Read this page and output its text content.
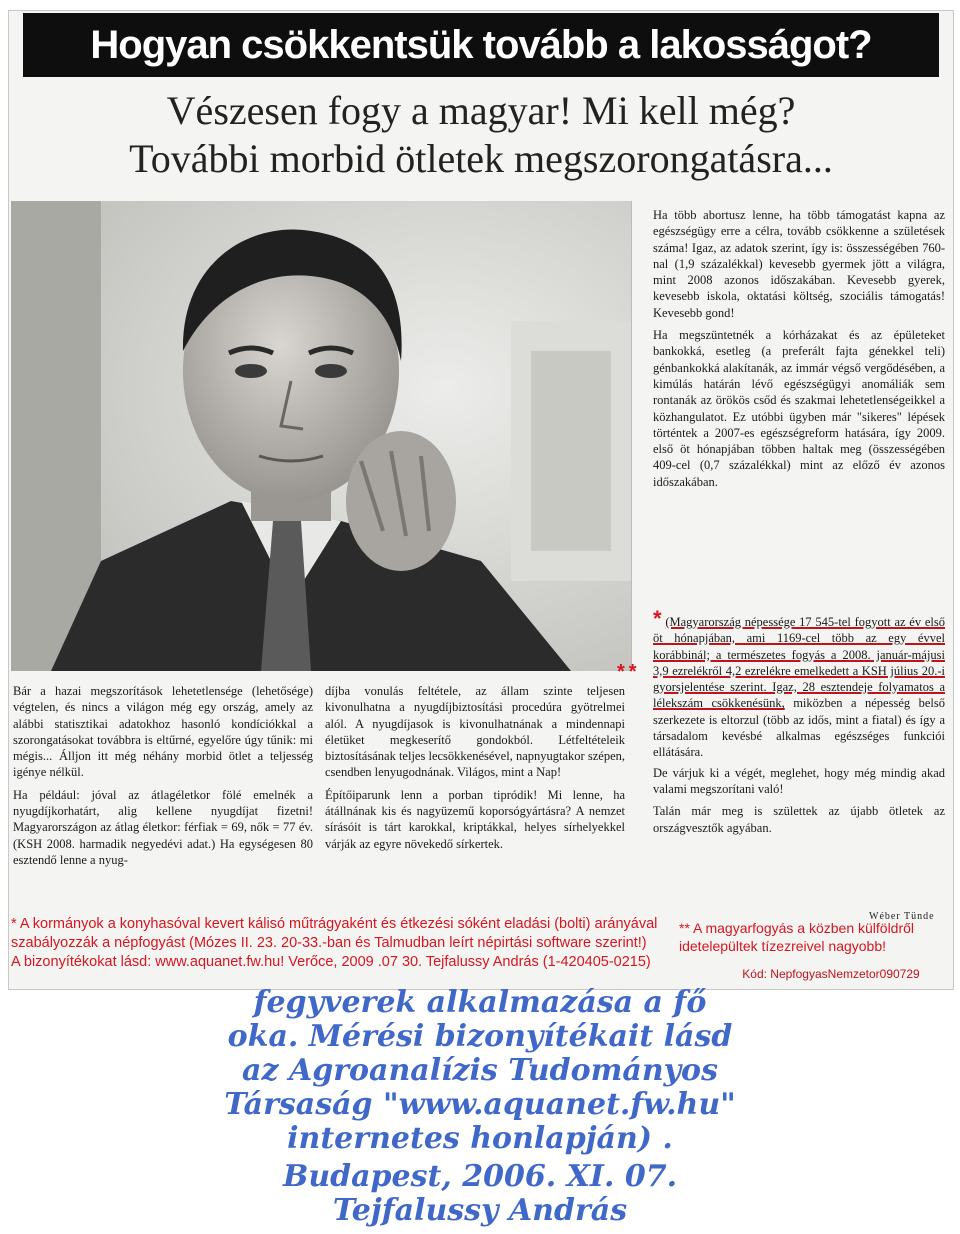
Hogyan csökkentsük tovább a lakosságot?
Vészesen fogy a magyar! Mi kell még?
További morbid ötletek megszorongatásra...

Ha több abortusz lenne, ha több támogatást kapna az egészségügy erre a célra, tovább csökkenne a születések száma! Igaz, az adatok szerint, így is: összességében 760-nal (1,9 százalékkal) kevesebb gyermek jött a világra, mint 2008 azonos időszakában. Kevesebb gyerek, kevesebb iskola, oktatási költség, szociális támogatás! Kevesebb gond!

Ha megszüntetnék a kórházakat és az épületeket bankokká, esetleg (a preferált fajta génekkel teli) génbankokká alakítanák, az immár végső vergődésében, a kimúlás határán lévő egészségügyi anomáliák sem rontanák az örökös csőd és szakmai lehetetlenségeikkel a közhangulatot. Ez utóbbi ügyben már "sikeres" lépések történtek a 2007-es egészségreform hatására, így 2009. első öt hónapjában többen haltak meg (összességében 409-cel (0,7 százalékkal) mint az előző év azonos időszakában.

* (Magyarország népessége 17 545-tel fogyott az év első öt hónapjában, ami 1169-cel több az egy évvel korábbinál; a természetes fogyás a 2008. január-májusi 3,9 ezrelékről 4,2 ezrelékre emelkedett a KSH július 20.-i gyorsjelentése szerint. Igaz, 28 esztendeje folyamatos a lélekszám csökkenésünk, miközben a népesség belső szerkezete is eltorzul (több az idős, mint a fiatal) és így a társadalom kevésbé alkalmas egészséges funkciói ellátására.

De várjuk ki a végét, meglehet, hogy még mindig akad valami megszorítani való!

Talán már meg is születtek az újabb ötletek az országvesztők agyában.

**

Bár a hazai megszorítások lehetetlensége (lehetősége) végtelen, és nincs a világon még egy ország, amely az alábbi statisztikai adatokhoz hasonló kondíciókkal a szorongatásokat továbbra is eltűrné, egyelőre úgy tűnik: mi mégis... Álljon itt még néhány morbid ötlet a teljesség igénye nélkül.

Ha például: jóval az átlagéletkor fölé emelnék a nyugdíjkorhatárt, alig kellene nyugdíjat fizetni! Magyarországon az átlag életkor: férfiak = 69, nők = 77 év. (KSH 2008. harmadik negyedévi adat.) Ha egységesen 80 esztendő lenne a nyug-

díjba vonulás feltétele, az állam szinte teljesen kivonulhatna a nyugdíjbiztosítási procedúra gyötrelmei alól. A nyugdíjasok is kivonulhatnának a mindennapi életüket megkeserítő gondokból. Létfeltételeik biztosításának teljes lecsökkenésével, napnyugtakor szépen, csendben lenyugodnának. Világos, mint a Nap!

Építőiparunk lenn a porban tipródik! Mi lenne, ha átállnának kis és nagyüzemű koporsógyártásra? A nemzet sírásóit is tárt karokkal, kriptákkal, helyes sírhelyekkel várják az egyre növekedő sírkertek.

Wéber Tünde
* A kormányok a konyhasóval kevert kálisó műtrágyaként és étkezési sóként eladási (bolti) arányával
szabályozzák a népfogyást (Mózes II. 23. 20-33.-ban és Talmudban leírt népirtási software szerint!)
A bizonyítékokat lásd: www.aquanet.fw.hu! Verőce, 2009 .07 30. Tejfalussy András (1-420405-0215)
** A magyarfogyás a közben külföldről idetelepültek tízezreivel nagyobb!
Kód: NepfogyasNemzetor090729
fegyverek alkalmazása a fő
oka. Mérési bizonyítékait lásd
az Agroanalízis Tudományos
Társaság "www.aquanet.fw.hu"
internetes honlapján) .
Budapest, 2006. XI. 07.
Tejfalussy András
